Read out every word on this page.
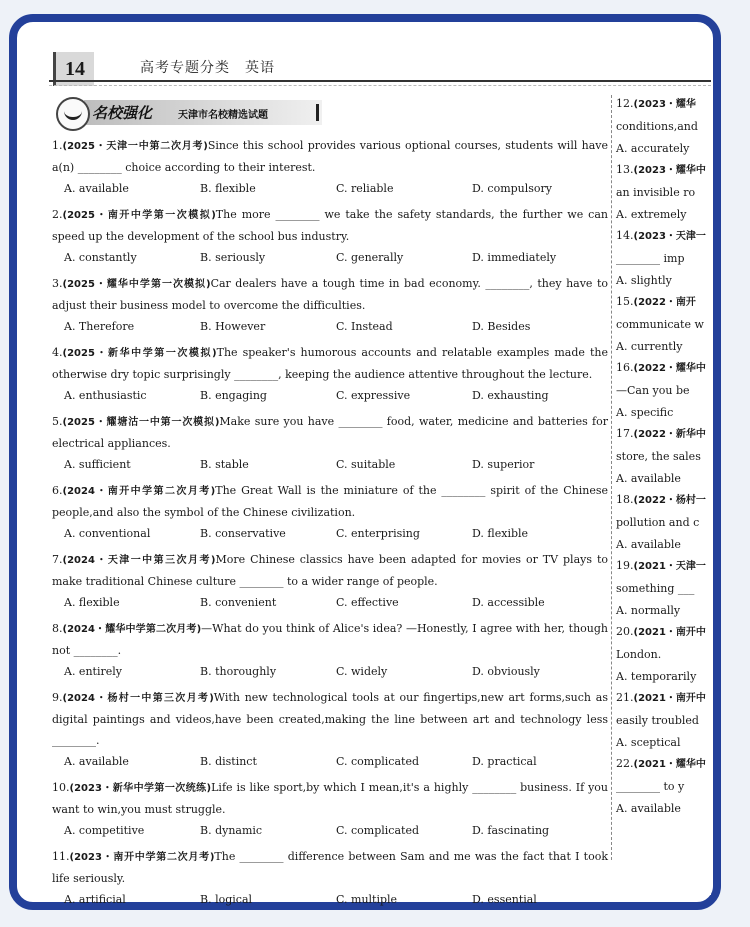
14	高考专题分类　英语
名校强化	天津市名校精选试题
1.(2025・天津一中第二次月考)Since this school provides various optional courses, students will have a(n) ________ choice according to their interest.
A. available	B. flexible	C. reliable	D. compulsory
2.(2025・南开中学第一次模拟)The more ________ we take the safety standards, the further we can speed up the development of the school bus industry.
A. constantly	B. seriously	C. generally	D. immediately
3.(2025・耀华中学第一次模拟)Car dealers have a tough time in bad economy. ________, they have to adjust their business model to overcome the difficulties.
A. Therefore	B. However	C. Instead	D. Besides
4.(2025・新华中学第一次模拟)The speaker's humorous accounts and relatable examples made the otherwise dry topic surprisingly ________, keeping the audience attentive throughout the lecture.
A. enthusiastic	B. engaging	C. expressive	D. exhausting
5.(2025・耀塘沽一中第一次模拟)Make sure you have ________ food, water, medicine and batteries for electrical appliances.
A. sufficient	B. stable	C. suitable	D. superior
6.(2024・南开中学第二次月考)The Great Wall is the miniature of the ________ spirit of the Chinese people,and also the symbol of the Chinese civilization.
A. conventional	B. conservative	C. enterprising	D. flexible
7.(2024・天津一中第三次月考)More Chinese classics have been adapted for movies or TV plays to make traditional Chinese culture ________ to a wider range of people.
A. flexible	B. convenient	C. effective	D. accessible
8.(2024・耀华中学第二次月考)—What do you think of Alice's idea? —Honestly, I agree with her, though not ________.
A. entirely	B. thoroughly	C. widely	D. obviously
9.(2024・杨村一中第三次月考)With new technological tools at our fingertips,new art forms,such as digital paintings and videos,have been created,making the line between art and technology less ________.
A. available	B. distinct	C. complicated	D. practical
10.(2023・新华中学第一次统练)Life is like sport,by which I mean,it's a highly ________ business. If you want to win,you must struggle.
A. competitive	B. dynamic	C. complicated	D. fascinating
11.(2023・南开中学第二次月考)The ________ difference between Sam and me was the fact that I took life seriously.
A. artificial	B. logical	C. multiple	D. essential
12.(2023・耀华
conditions,and
A. accurately
13.(2023・耀华中
an invisible ro
A. extremely
14.(2023・天津一
________ imp
A. slightly
15.(2022・南开
communicate w
A. currently
16.(2022・耀华中
—Can you be
A. specific
17.(2022・新华中
store, the sales
A. available
18.(2022・杨村一
pollution and c
A. available
19.(2021・天津一
something ___
A. normally
20.(2021・南开中
London.
A. temporarily
21.(2021・南开中
easily troubled
A. sceptical
22.(2021・耀华中
________ to y
A. available
